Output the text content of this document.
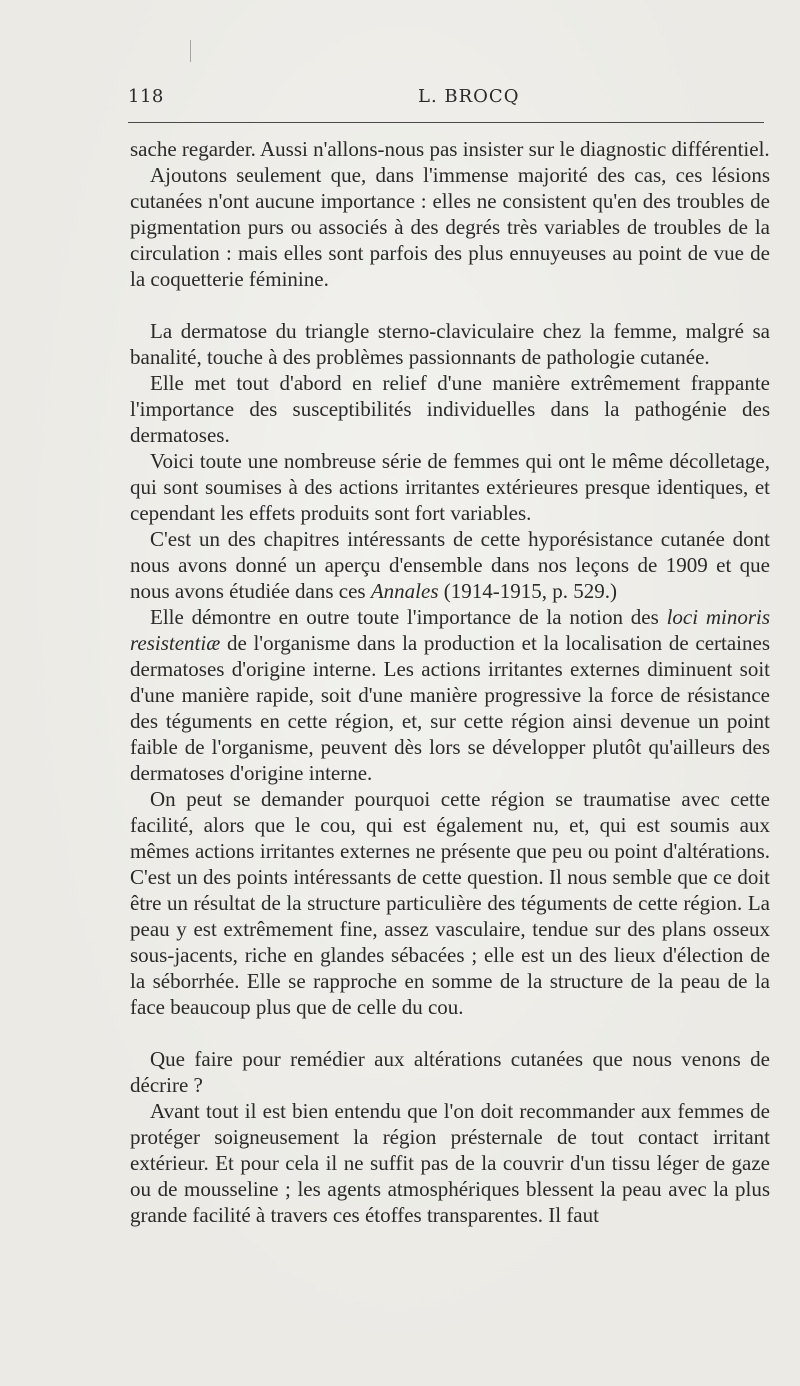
118	L. BROCQ

sache regarder. Aussi n'allons-nous pas insister sur le diagnostic différentiel.

Ajoutons seulement que, dans l'immense majorité des cas, ces lésions cutanées n'ont aucune importance : elles ne consistent qu'en des troubles de pigmentation purs ou associés à des degrés très variables de troubles de la circulation : mais elles sont parfois des plus ennuyeuses au point de vue de la coquetterie féminine.

La dermatose du triangle sterno-claviculaire chez la femme, malgré sa banalité, touche à des problèmes passionnants de pathologie cutanée.

Elle met tout d'abord en relief d'une manière extrêmement frappante l'importance des susceptibilités individuelles dans la pathogénie des dermatoses.

Voici toute une nombreuse série de femmes qui ont le même décolletage, qui sont soumises à des actions irritantes extérieures presque identiques, et cependant les effets produits sont fort variables.

C'est un des chapitres intéressants de cette hyporésistance cutanée dont nous avons donné un aperçu d'ensemble dans nos leçons de 1909 et que nous avons étudiée dans ces Annales (1914-1915, p. 529.)

Elle démontre en outre toute l'importance de la notion des loci minoris resistentiæ de l'organisme dans la production et la localisation de certaines dermatoses d'origine interne. Les actions irritantes externes diminuent soit d'une manière rapide, soit d'une manière progressive la force de résistance des téguments en cette région, et, sur cette région ainsi devenue un point faible de l'organisme, peuvent dès lors se développer plutôt qu'ailleurs des dermatoses d'origine interne.

On peut se demander pourquoi cette région se traumatise avec cette facilité, alors que le cou, qui est également nu, et, qui est soumis aux mêmes actions irritantes externes ne présente que peu ou point d'altérations. C'est un des points intéressants de cette question. Il nous semble que ce doit être un résultat de la structure particulière des téguments de cette région. La peau y est extrêmement fine, assez vasculaire, tendue sur des plans osseux sous-jacents, riche en glandes sébacées ; elle est un des lieux d'élection de la séborrhée. Elle se rapproche en somme de la structure de la peau de la face beaucoup plus que de celle du cou.

Que faire pour remédier aux altérations cutanées que nous venons de décrire ?

Avant tout il est bien entendu que l'on doit recommander aux femmes de protéger soigneusement la région présternale de tout contact irritant extérieur. Et pour cela il ne suffit pas de la couvrir d'un tissu léger de gaze ou de mousseline ; les agents atmosphériques blessent la peau avec la plus grande facilité à travers ces étoffes transparentes. Il faut
